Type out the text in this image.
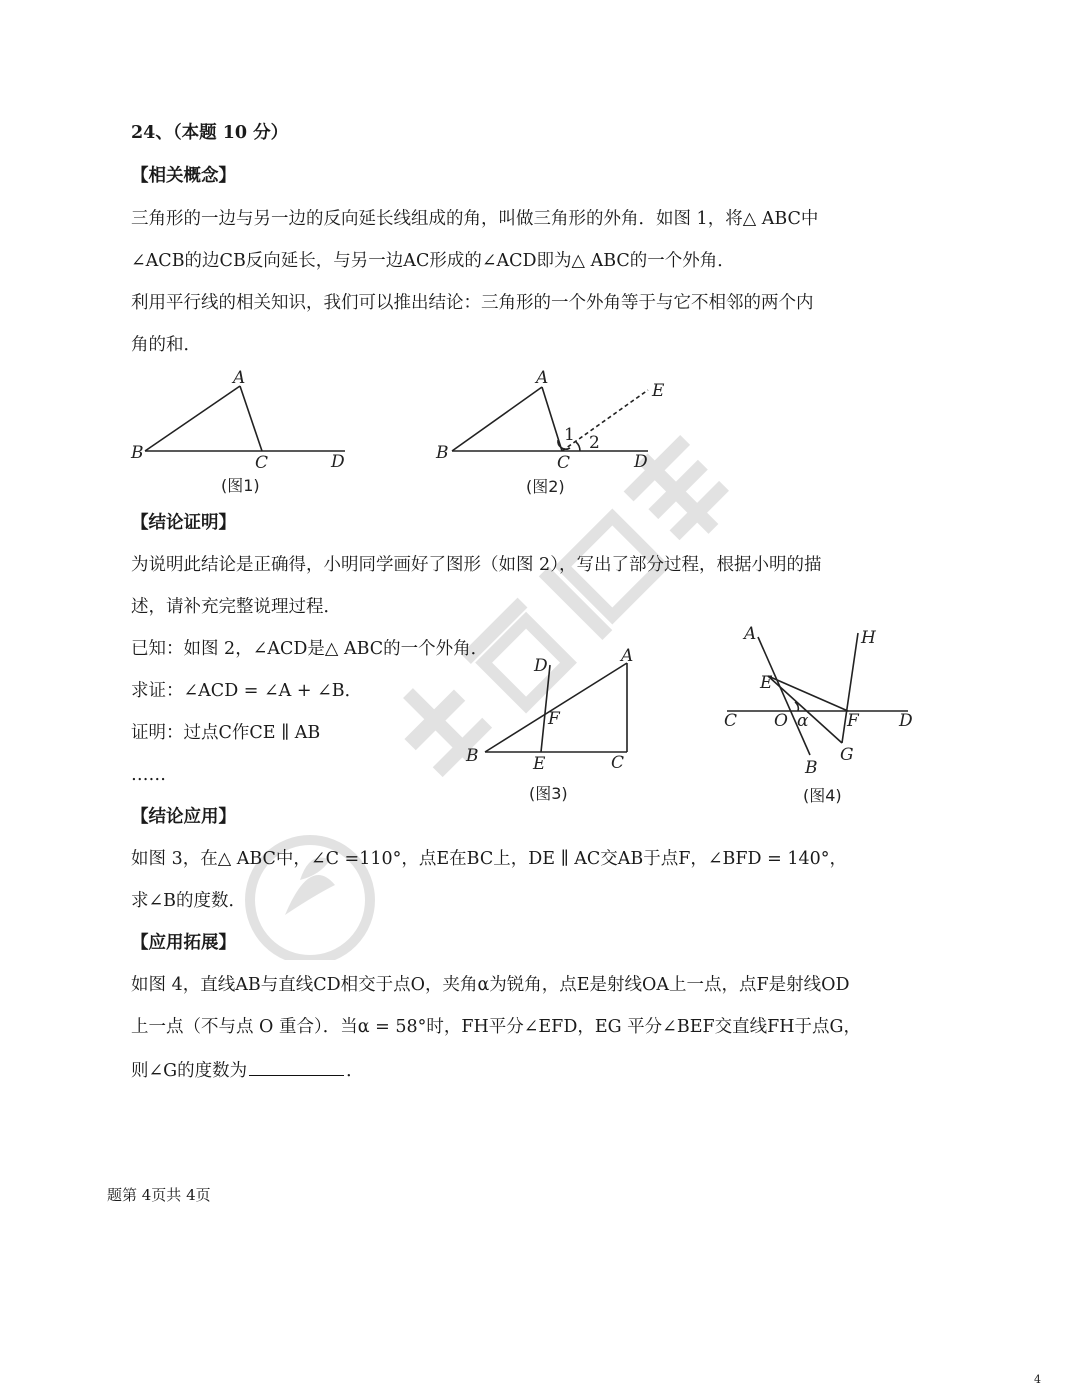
24、（本题 10 分）
【相关概念】
三角形的一边与另一边的反向延长线组成的角，叫做三角形的外角．如图 1，将△ ABC中
∠ACB的边CB反向延长，与另一边AC形成的∠ACD即为△ ABC的一个外角．
利用平行线的相关知识，我们可以推出结论：三角形的一个外角等于与它不相邻的两个内
角的和．
A
B	C	D
(图1)
A
B	C	D
E
1 2
(图2)
A
B	C
D
E
F
(图3)
A
B
C	D
E
F
G
H
O α
(图4)
【结论证明】
为说明此结论是正确得，小明同学画好了图形（如图 2），写出了部分过程，根据小明的描
述，请补充完整说理过程．
已知：如图 2，∠ACD是△ ABC的一个外角．
求证：∠ACD = ∠A + ∠B．
证明：过点C作CE ∥ AB
……
【结论应用】
如图 3，在△ ABC中，∠C =110°，点E在BC上，DE ∥ AC交AB于点F，∠BFD = 140°，
求∠B的度数．
【应用拓展】
如图 4，直线AB与直线CD相交于点O，夹角α为锐角，点E是射线OA上一点，点F是射线OD
上一点（不与点 O 重合）．当α = 58°时，FH平分∠EFD，EG 平分∠BEF交直线FH于点G，
则∠G的度数为	．
题第 4页共 4页
4
